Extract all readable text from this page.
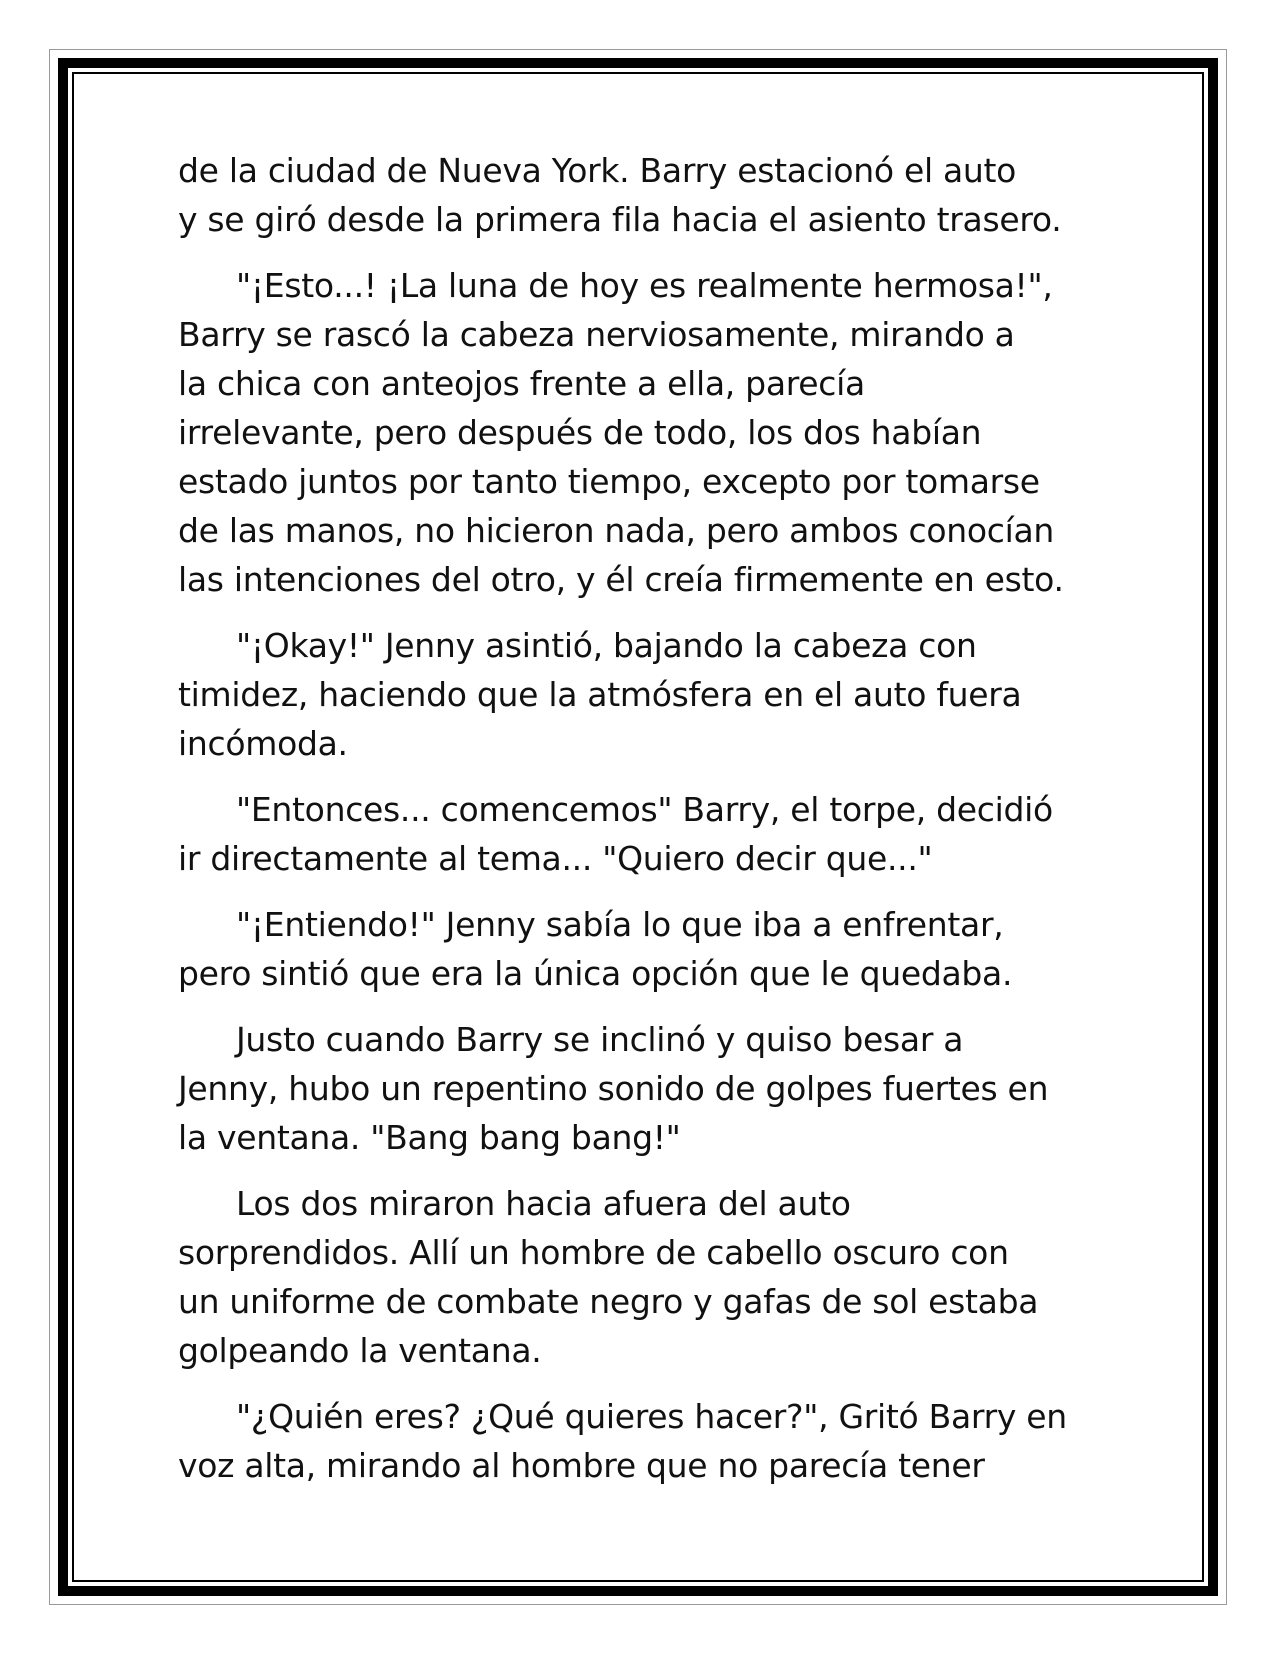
de la ciudad de Nueva York. Barry estacionó el auto
y se giró desde la primera fila hacia el asiento trasero.

"¡Esto...! ¡La luna de hoy es realmente hermosa!",
Barry se rascó la cabeza nerviosamente, mirando a
la chica con anteojos frente a ella, parecía
irrelevante, pero después de todo, los dos habían
estado juntos por tanto tiempo, excepto por tomarse
de las manos, no hicieron nada, pero ambos conocían
las intenciones del otro, y él creía firmemente en esto.

"¡Okay!" Jenny asintió, bajando la cabeza con
timidez, haciendo que la atmósfera en el auto fuera
incómoda.

"Entonces... comencemos" Barry, el torpe, decidió
ir directamente al tema... "Quiero decir que..."

"¡Entiendo!" Jenny sabía lo que iba a enfrentar,
pero sintió que era la única opción que le quedaba.

Justo cuando Barry se inclinó y quiso besar a
Jenny, hubo un repentino sonido de golpes fuertes en
la ventana. "Bang bang bang!"

Los dos miraron hacia afuera del auto
sorprendidos. Allí un hombre de cabello oscuro con
un uniforme de combate negro y gafas de sol estaba
golpeando la ventana.

"¿Quién eres? ¿Qué quieres hacer?", Gritó Barry en
voz alta, mirando al hombre que no parecía tener
